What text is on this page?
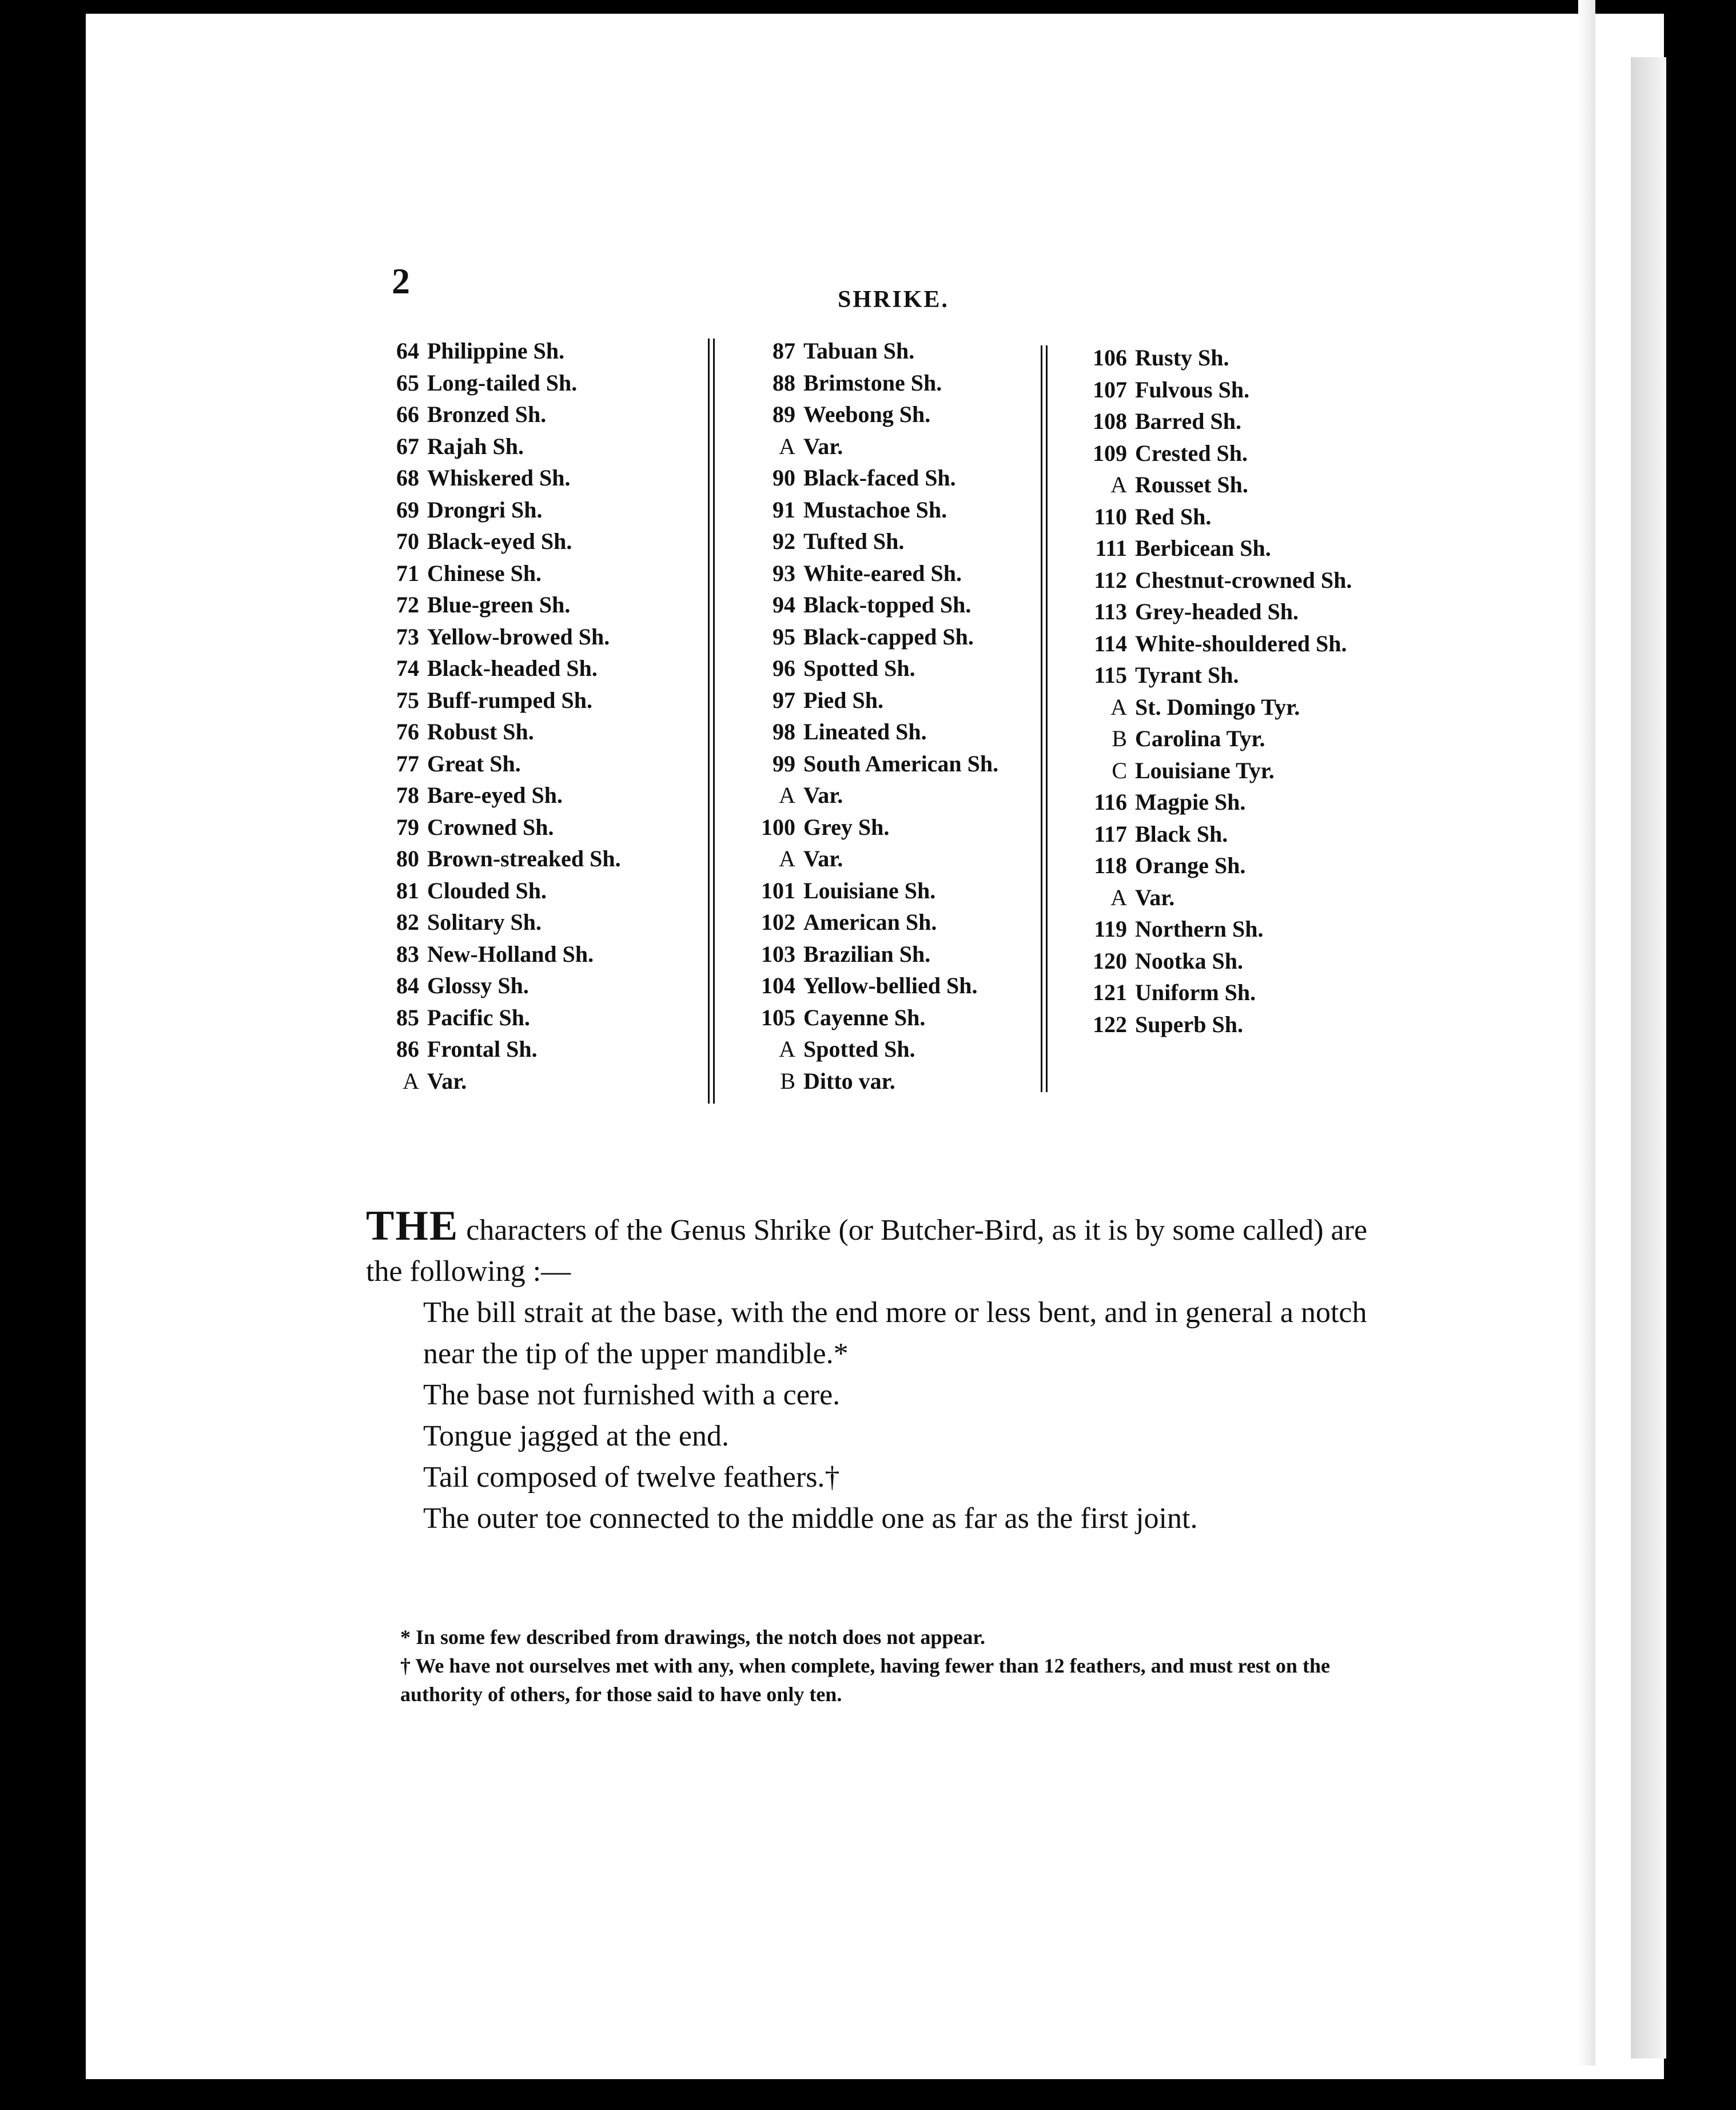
2	SHRIKE.
64 Philippine Sh.
65 Long-tailed Sh.
66 Bronzed Sh.
67 Rajah Sh.
68 Whiskered Sh.
69 Drongri Sh.
70 Black-eyed Sh.
71 Chinese Sh.
72 Blue-green Sh.
73 Yellow-browed Sh.
74 Black-headed Sh.
75 Buff-rumped Sh.
76 Robust Sh.
77 Great Sh.
78 Bare-eyed Sh.
79 Crowned Sh.
80 Brown-streaked Sh.
81 Clouded Sh.
82 Solitary Sh.
83 New-Holland Sh.
84 Glossy Sh.
85 Pacific Sh.
86 Frontal Sh.
A Var.
87 Tabuan Sh.
88 Brimstone Sh.
89 Weebong Sh.
A Var.
90 Black-faced Sh.
91 Mustachoe Sh.
92 Tufted Sh.
93 White-eared Sh.
94 Black-topped Sh.
95 Black-capped Sh.
96 Spotted Sh.
97 Pied Sh.
98 Lineated Sh.
99 South American Sh.
A Var.
100 Grey Sh.
A Var.
101 Louisiane Sh.
102 American Sh.
103 Brazilian Sh.
104 Yellow-bellied Sh.
105 Cayenne Sh.
A Spotted Sh.
B Ditto var.
106 Rusty Sh.
107 Fulvous Sh.
108 Barred Sh.
109 Crested Sh.
A Rousset Sh.
110 Red Sh.
111 Berbicean Sh.
112 Chestnut-crowned Sh.
113 Grey-headed Sh.
114 White-shouldered Sh.
115 Tyrant Sh.
A St. Domingo Tyr.
B Carolina Tyr.
C Louisiane Tyr.
116 Magpie Sh.
117 Black Sh.
118 Orange Sh.
A Var.
119 Northern Sh.
120 Nootka Sh.
121 Uniform Sh.
122 Superb Sh.

THE characters of the Genus Shrike (or Butcher-Bird, as it is by some called) are the following :—

The bill strait at the base, with the end more or less bent, and in general a notch near the tip of the upper mandible.*

The base not furnished with a cere.

Tongue jagged at the end.

Tail composed of twelve feathers.†

The outer toe connected to the middle one as far as the first joint.

* In some few described from drawings, the notch does not appear.

† We have not ourselves met with any, when complete, having fewer than 12 feathers, and must rest on the authority of others, for those said to have only ten.
